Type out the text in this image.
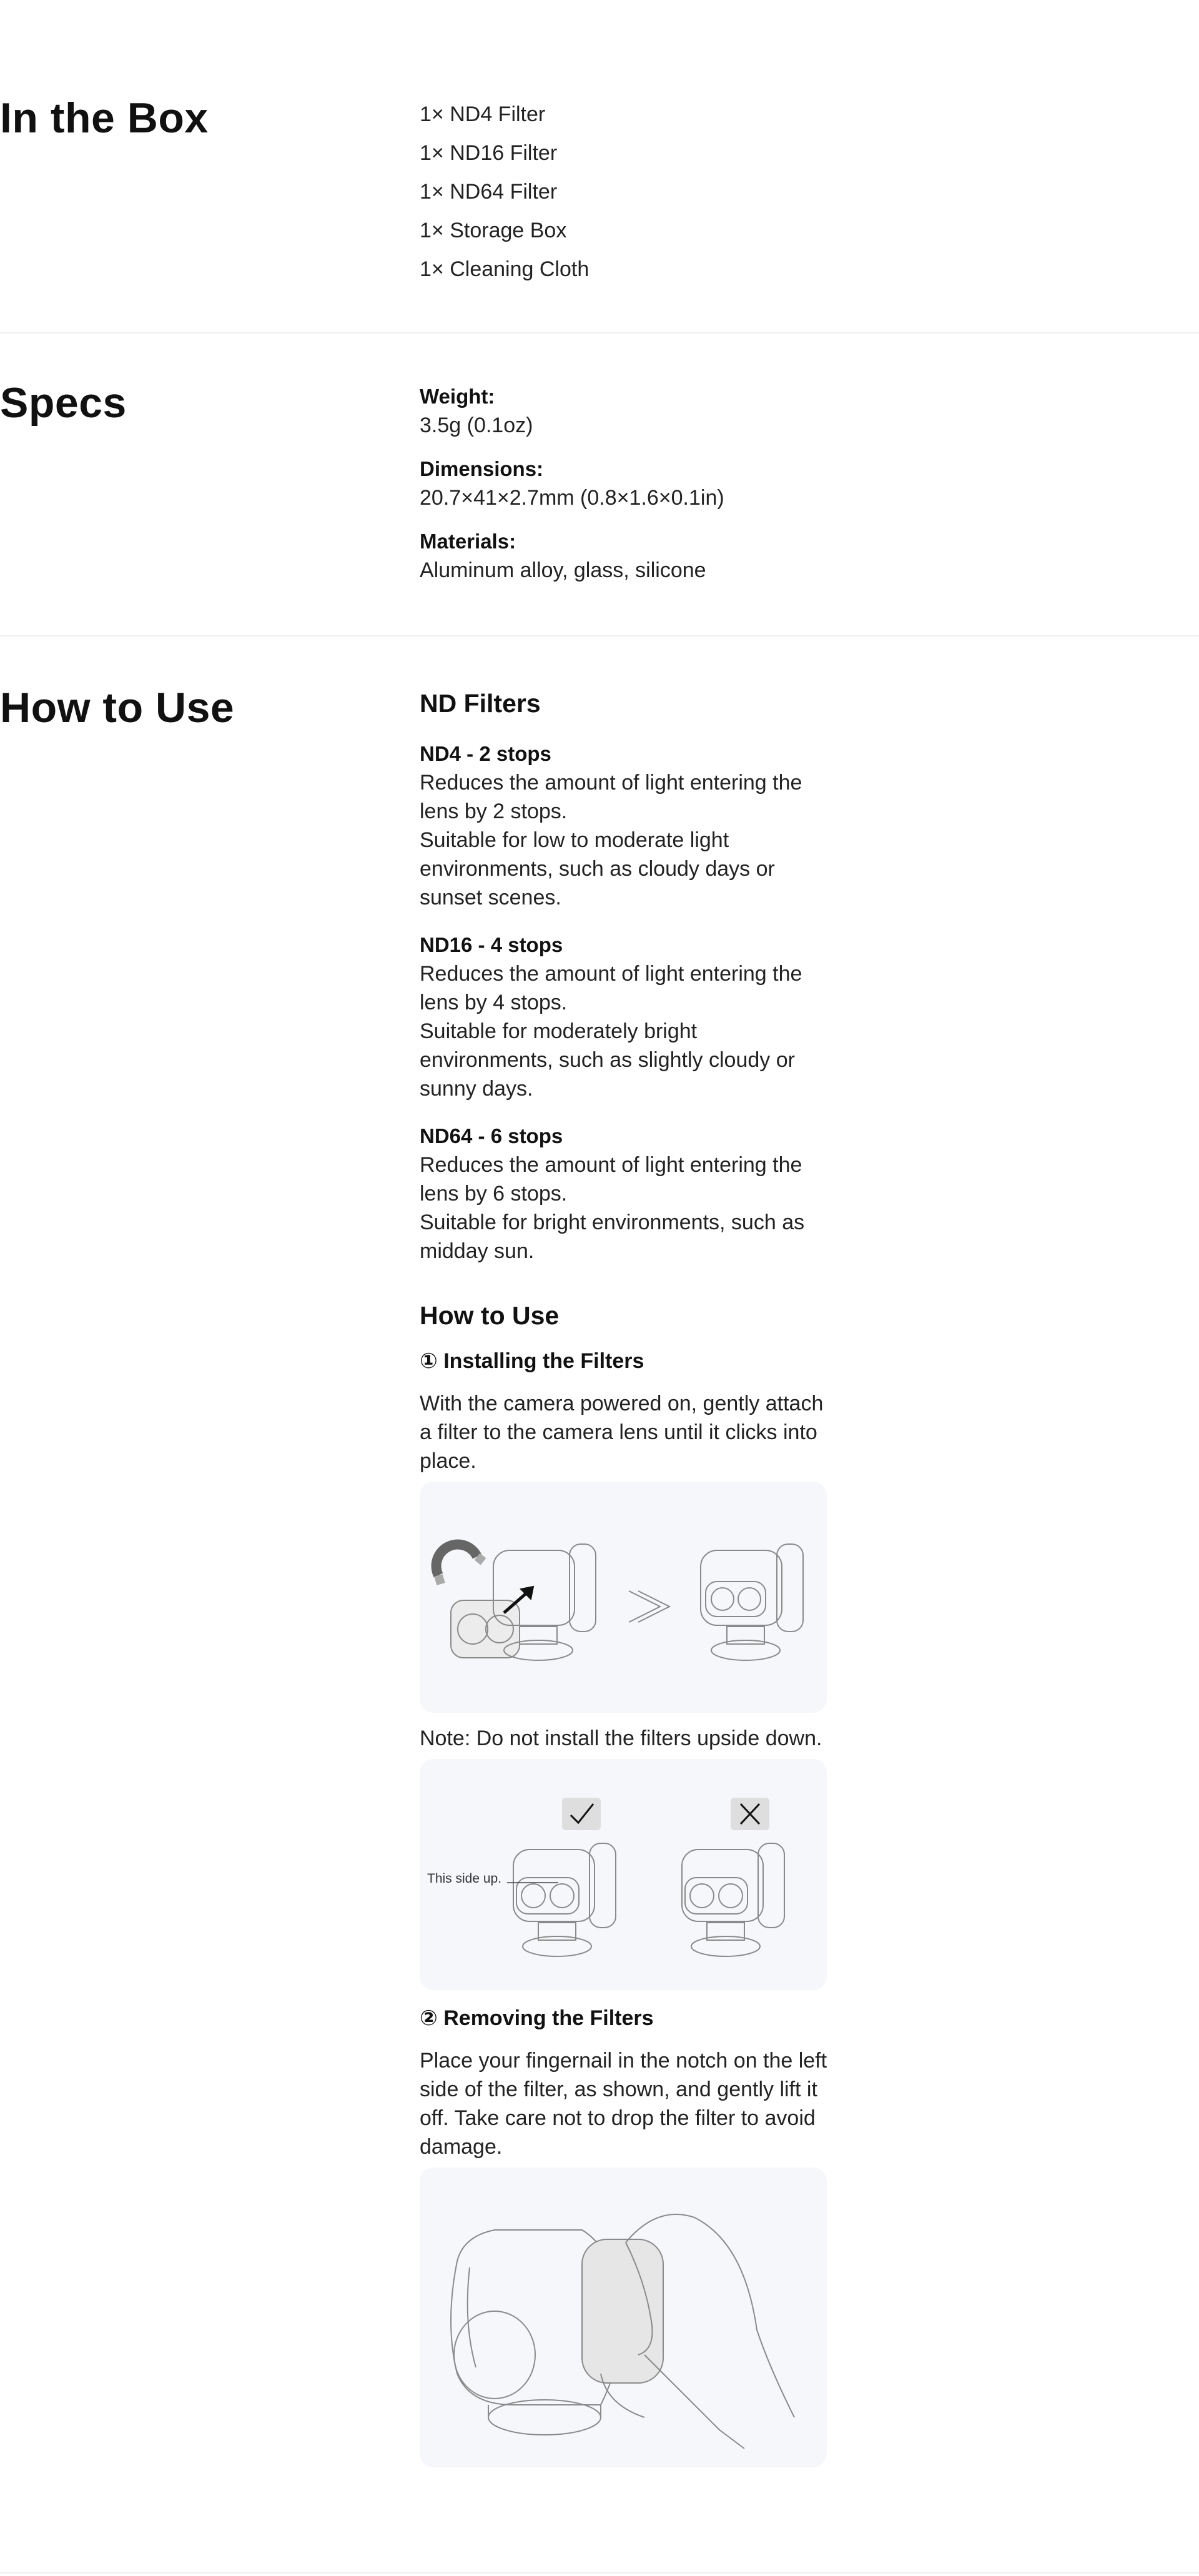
In the Box	1× ND4 Filter
1× ND16 Filter
1× ND64 Filter
1× Storage Box
1× Cleaning Cloth
Specs	Weight:
3.5g (0.1oz)
Dimensions:
20.7×41×2.7mm (0.8×1.6×0.1in)
Materials:
Aluminum alloy, glass, silicone
How to Use	ND Filters
ND4 - 2 stops
Reduces the amount of light entering the lens by 2 stops.
Suitable for low to moderate light environments, such as cloudy days or sunset scenes.
ND16 - 4 stops
Reduces the amount of light entering the lens by 4 stops.
Suitable for moderately bright environments, such as slightly cloudy or sunny days.
ND64 - 6 stops
Reduces the amount of light entering the lens by 6 stops.
Suitable for bright environments, such as midday sun.
How to Use
① Installing the Filters
With the camera powered on, gently attach a filter to the camera lens until it clicks into place.
Note: Do not install the filters upside down.
This side up.
② Removing the Filters
Place your fingernail in the notch on the left side of the filter, as shown, and gently lift it off. Take care not to drop the filter to avoid damage.
